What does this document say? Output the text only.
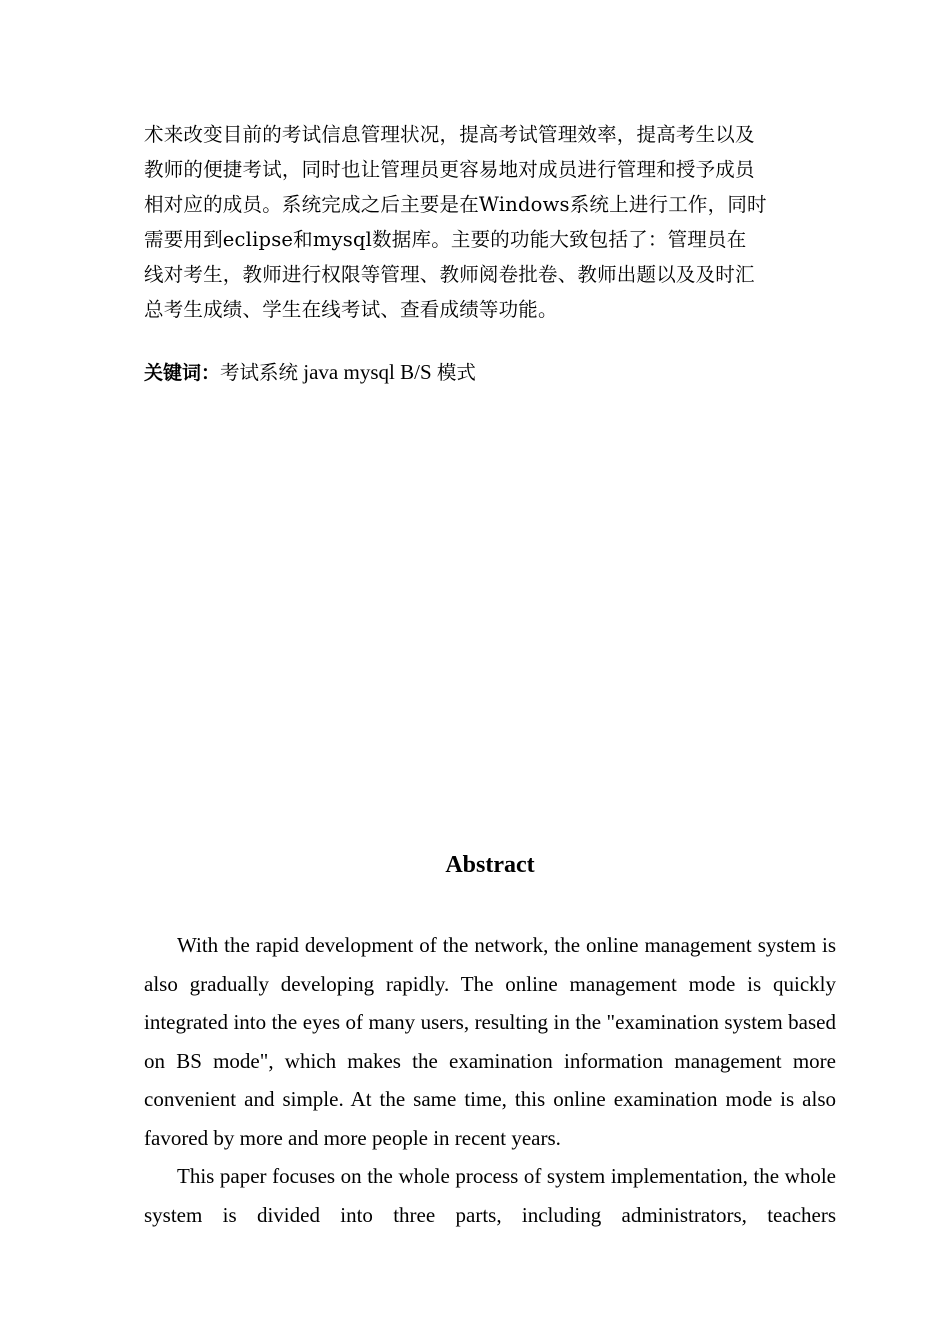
术来改变目前的考试信息管理状况，提高考试管理效率，提高考生以及
教师的便捷考试，同时也让管理员更容易地对成员进行管理和授予成员
相对应的成员。系统完成之后主要是在Windows系统上进行工作，同时
需要用到eclipse和mysql数据库。主要的功能大致包括了：管理员在
线对考生，教师进行权限等管理、教师阅卷批卷、教师出题以及及时汇
总考生成绩、学生在线考试、查看成绩等功能。

关键词：考试系统 java mysql B/S 模式

Abstract

With the rapid development of the network, the online management system is also gradually developing rapidly. The online management mode is quickly integrated into the eyes of many users, resulting in the "examination system based on BS mode", which makes the examination information management more convenient and simple. At the same time, this online examination mode is also favored by more and more people in recent years.

This paper focuses on the whole process of system implementation, the whole system is divided into three parts, including administrators, teachers
